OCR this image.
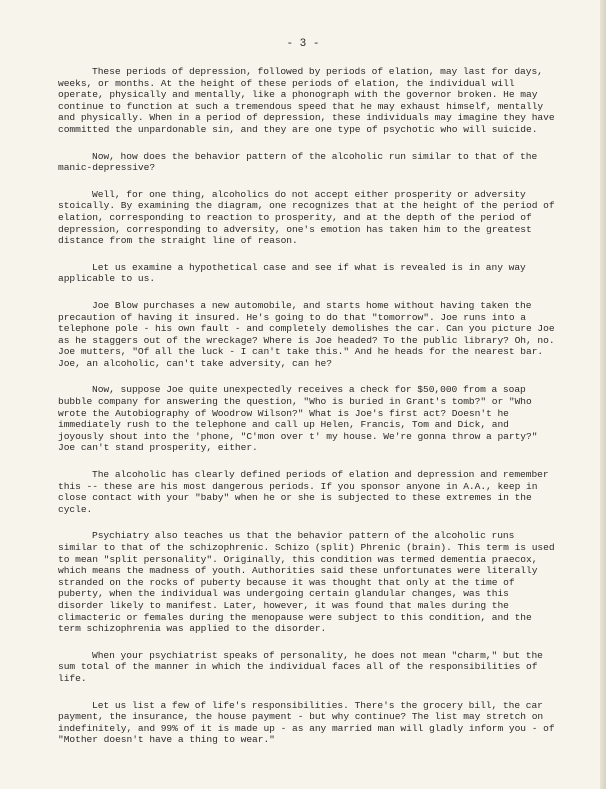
- 3 -

These periods of depression, followed by periods of elation, may last for days, weeks, or months. At the height of these periods of elation, the individual will operate, physically and mentally, like a phonograph with the governor broken. He may continue to function at such a tremendous speed that he may exhaust himself, mentally and physically. When in a period of depression, these individuals may imagine they have committed the unpardonable sin, and they are one type of psychotic who will suicide.

Now, how does the behavior pattern of the alcoholic run similar to that of the manic-depressive?

Well, for one thing, alcoholics do not accept either prosperity or adversity stoically. By examining the diagram, one recognizes that at the height of the period of elation, corresponding to reaction to prosperity, and at the depth of the period of depression, corresponding to adversity, one's emotion has taken him to the greatest distance from the straight line of reason.

Let us examine a hypothetical case and see if what is revealed is in any way applicable to us.

Joe Blow purchases a new automobile, and starts home without having taken the precaution of having it insured. He's going to do that "tomorrow". Joe runs into a telephone pole - his own fault - and completely demolishes the car. Can you picture Joe as he staggers out of the wreckage? Where is Joe headed? To the public library? Oh, no. Joe mutters, "Of all the luck - I can't take this." And he heads for the nearest bar. Joe, an alcoholic, can't take adversity, can he?

Now, suppose Joe quite unexpectedly receives a check for $50,000 from a soap bubble company for answering the question, "Who is buried in Grant's tomb?" or "Who wrote the Autobiography of Woodrow Wilson?" What is Joe's first act? Doesn't he immediately rush to the telephone and call up Helen, Francis, Tom and Dick, and joyously shout into the 'phone, "C'mon over t' my house. We're gonna throw a party?" Joe can't stand prosperity, either.

The alcoholic has clearly defined periods of elation and depression and remember this -- these are his most dangerous periods. If you sponsor anyone in A.A., keep in close contact with your "baby" when he or she is subjected to these extremes in the cycle.

Psychiatry also teaches us that the behavior pattern of the alcoholic runs similar to that of the schizophrenic. Schizo (split) Phrenic (brain). This term is used to mean "split personality". Originally, this condition was termed dementia praecox, which means the madness of youth. Authorities said these unfortunates were literally stranded on the rocks of puberty because it was thought that only at the time of puberty, when the individual was undergoing certain glandular changes, was this disorder likely to manifest. Later, however, it was found that males during the climacteric or females during the menopause were subject to this condition, and the term schizophrenia was applied to the disorder.

When your psychiatrist speaks of personality, he does not mean "charm," but the sum total of the manner in which the individual faces all of the responsibilities of life.

Let us list a few of life's responsibilities. There's the grocery bill, the car payment, the insurance, the house payment - but why continue? The list may stretch on indefinitely, and 99% of it is made up - as any married man will gladly inform you - of "Mother doesn't have a thing to wear."
